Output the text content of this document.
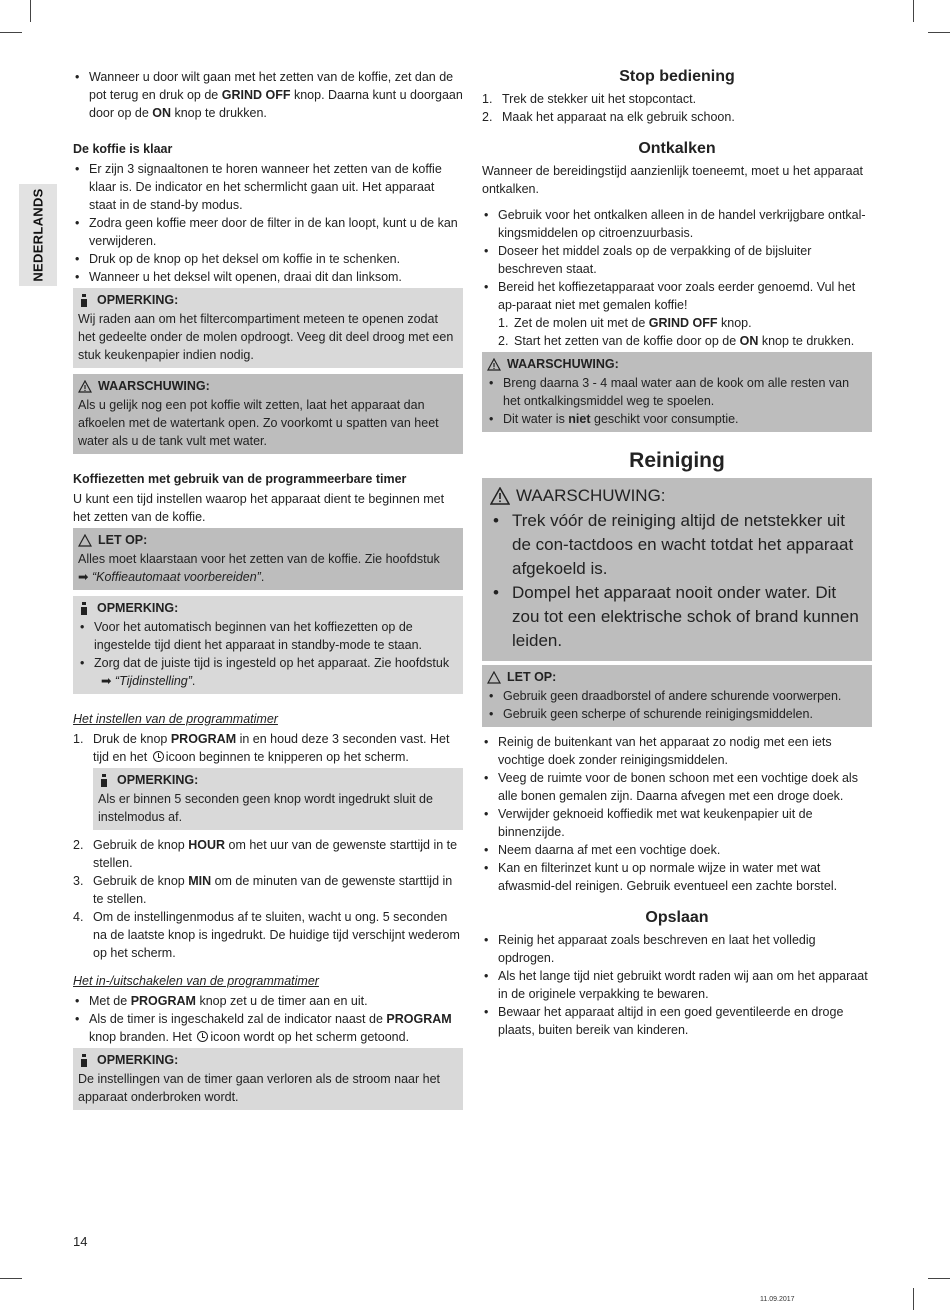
NEDERLANDS
• Wanneer u door wilt gaan met het zetten van de koffie, zet dan de pot terug en druk op de GRIND OFF knop. Daarna kunt u doorgaan door op de ON knop te drukken.

De koffie is klaar

• Er zijn 3 signaaltonen te horen wanneer het zetten van de koffie klaar is. De indicator en het schermlicht gaan uit. Het apparaat staat in de stand-by modus.
• Zodra geen koffie meer door de filter in de kan loopt, kunt u de kan verwijderen.
• Druk op de knop op het deksel om koffie in te schenken.
• Wanneer u het deksel wilt openen, draai dit dan linksom.
OPMERKING:

Wij raden aan om het filtercompartiment meteen te openen zodat het gedeelte onder de molen opdroogt. Veeg dit deel droog met een stuk keukenpapier indien nodig.

WAARSCHUWING:

Als u gelijk nog een pot koffie wilt zetten, laat het apparaat dan afkoelen met de watertank open. Zo voorkomt u spatten van heet water als u de tank vult met water.

Koffiezetten met gebruik van de programmeerbare timer

U kunt een tijd instellen waarop het apparaat dient te beginnen met het zetten van de koffie.

LET OP:

Alles moet klaarstaan voor het zetten van de koffie. Zie hoofdstuk
➡ “Koffieautomaat voorbereiden”.

OPMERKING:
• Voor het automatisch beginnen van het koffiezetten op de ingestelde tijd dient het apparaat in standby-mode te staan.
• Zorg dat de juiste tijd is ingesteld op het apparaat. Zie hoofdstuk
➡ “Tijdinstelling”.

Het instellen van de programmatimer

1. Druk de knop PROGRAM in en houd deze 3 seconden vast. Het tijd en het icoon beginnen te knipperen op het scherm.
OPMERKING:

Als er binnen 5 seconden geen knop wordt ingedrukt sluit de instelmodus af.

2. Gebruik de knop HOUR om het uur van de gewenste starttijd in te stellen.
3. Gebruik de knop MIN om de minuten van de gewenste starttijd in te stellen.
4. Om de instellingenmodus af te sluiten, wacht u ong. 5 seconden na de laatste knop is ingedrukt. De huidige tijd verschijnt wederom op het scherm.

Het in-/uitschakelen van de programmatimer

• Met de PROGRAM knop zet u de timer aan en uit.
• Als de timer is ingeschakeld zal de indicator naast de PROGRAM knop branden. Het icoon wordt op het scherm getoond.
OPMERKING:

De instellingen van de timer gaan verloren als de stroom naar het apparaat onderbroken wordt.

Stop bediening
1. Trek de stekker uit het stopcontact.
2. Maak het apparaat na elk gebruik schoon.
Ontkalken

Wanneer de bereidingstijd aanzienlijk toeneemt, moet u het apparaat ontkalken.

• Gebruik voor het ontkalken alleen in de handel verkrijgbare ontkal-kingsmiddelen op citroenzuurbasis.
• Doseer het middel zoals op de verpakking of de bijsluiter beschreven staat.
• Bereid het koffiezetapparaat voor zoals eerder genoemd. Vul het ap-paraat niet met gemalen koffie!
1. Zet de molen uit met de GRIND OFF knop.
2. Start het zetten van de koffie door op de ON knop te drukken.
WAARSCHUWING:
• Breng daarna 3 - 4 maal water aan de kook om alle resten van het ontkalkingsmiddel weg te spoelen.
• Dit water is niet geschikt voor consumptie.
Reiniging
WAARSCHUWING:
• Trek vóór de reiniging altijd de netstekker uit de con-tactdoos en wacht totdat het apparaat afgekoeld is.
• Dompel het apparaat nooit onder water. Dit zou tot een elektrische schok of brand kunnen leiden.
LET OP:
• Gebruik geen draadborstel of andere schurende voorwerpen.
• Gebruik geen scherpe of schurende reinigingsmiddelen.
• Reinig de buitenkant van het apparaat zo nodig met een iets vochtige doek zonder reinigingsmiddelen.
• Veeg de ruimte voor de bonen schoon met een vochtige doek als alle bonen gemalen zijn. Daarna afvegen met een droge doek.
• Verwijder geknoeid koffiedik met wat keukenpapier uit de binnenzijde.
• Neem daarna af met een vochtige doek.
• Kan en filterinzet kunt u op normale wijze in water met wat afwasmid-del reinigen. Gebruik eventueel een zachte borstel.
Opslaan
• Reinig het apparaat zoals beschreven en laat het volledig opdrogen.
• Als het lange tijd niet gebruikt wordt raden wij aan om het apparaat in de originele verpakking te bewaren.
• Bewaar het apparaat altijd in een goed geventileerde en droge plaats, buiten bereik van kinderen.
14
11.09.2017
